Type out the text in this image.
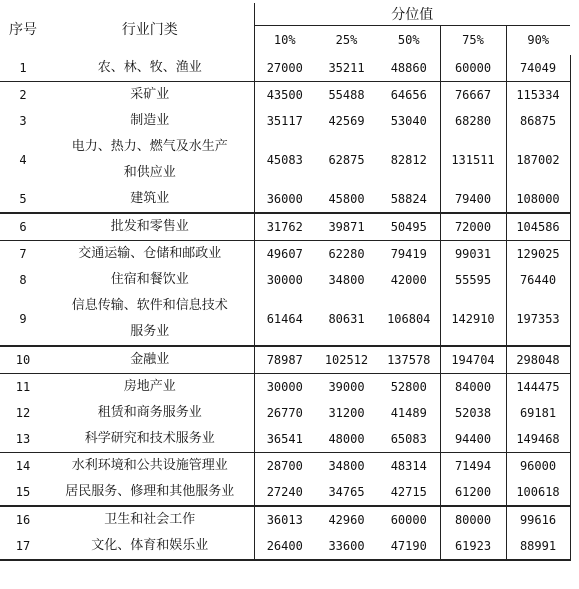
序号	行业门类	分位值				
		10%	25%	50%	75%	90%
1	农、林、牧、渔业	27000	35211	48860	60000	74049
2	采矿业	43500	55488	64656	76667	115334
3	制造业	35117	42569	53040	68280	86875
4	电力、热力、燃气及水生产
和供应业	45083	62875	82812	131511	187002
5	建筑业	36000	45800	58824	79400	108000
6	批发和零售业	31762	39871	50495	72000	104586
7	交通运输、仓储和邮政业	49607	62280	79419	99031	129025
8	住宿和餐饮业	30000	34800	42000	55595	76440
9	信息传输、软件和信息技术
服务业	61464	80631	106804	142910	197353
10	金融业	78987	102512	137578	194704	298048
11	房地产业	30000	39000	52800	84000	144475
12	租赁和商务服务业	26770	31200	41489	52038	69181
13	科学研究和技术服务业	36541	48000	65083	94400	149468
14	水利环境和公共设施管理业	28700	34800	48314	71494	96000
15	居民服务、修理和其他服务业	27240	34765	42715	61200	100618
16	卫生和社会工作	36013	42960	60000	80000	99616
17	文化、体育和娱乐业	26400	33600	47190	61923	88991
